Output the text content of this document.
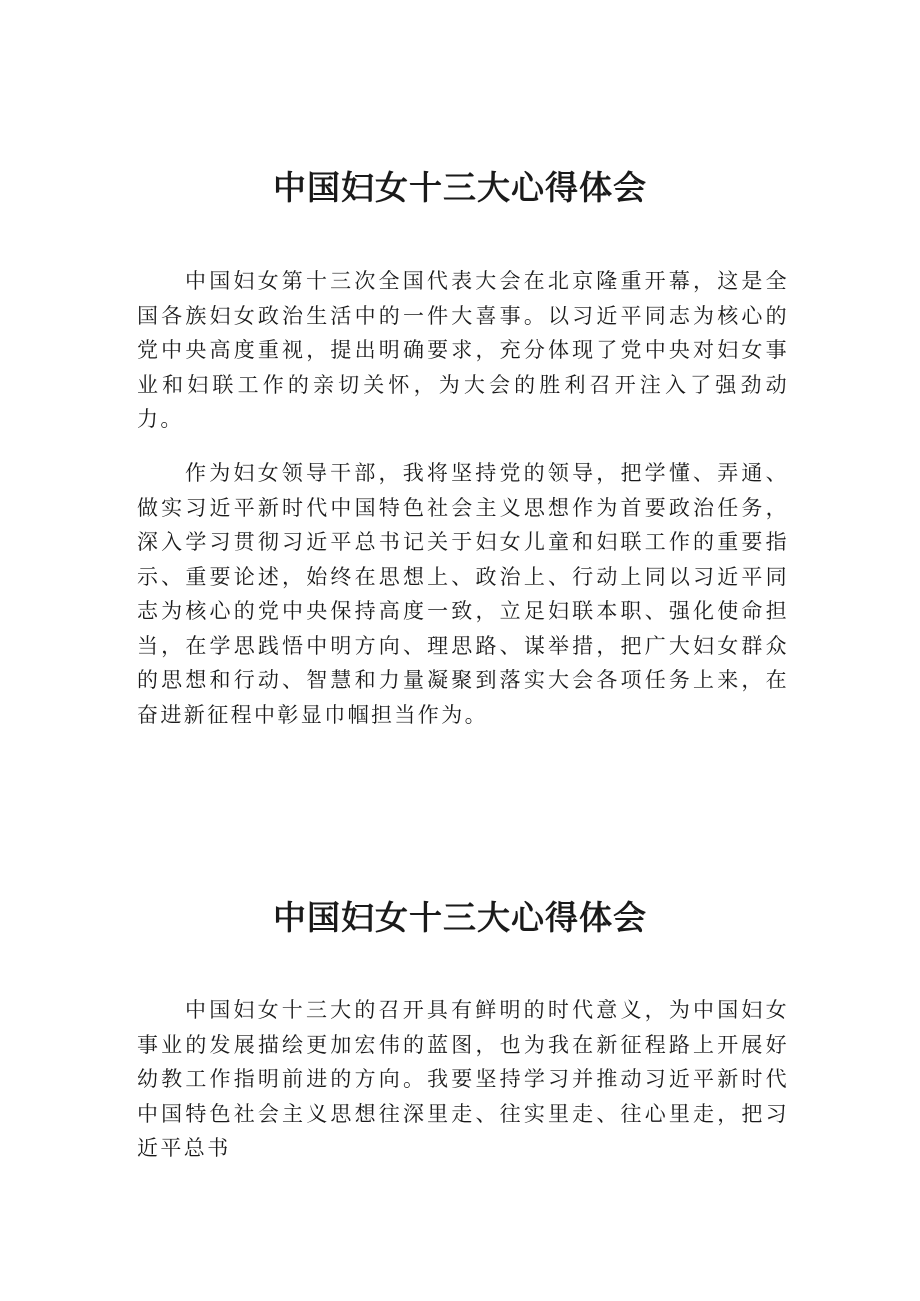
中国妇女十三大心得体会

中国妇女第十三次全国代表大会在北京隆重开幕，这是全国各族妇女政治生活中的一件大喜事。以习近平同志为核心的党中央高度重视，提出明确要求，充分体现了党中央对妇女事业和妇联工作的亲切关怀，为大会的胜利召开注入了强劲动力。

作为妇女领导干部，我将坚持党的领导，把学懂、弄通、做实习近平新时代中国特色社会主义思想作为首要政治任务，深入学习贯彻习近平总书记关于妇女儿童和妇联工作的重要指示、重要论述，始终在思想上、政治上、行动上同以习近平同志为核心的党中央保持高度一致，立足妇联本职、强化使命担当，在学思践悟中明方向、理思路、谋举措，把广大妇女群众的思想和行动、智慧和力量凝聚到落实大会各项任务上来，在奋进新征程中彰显巾帼担当作为。

中国妇女十三大心得体会

中国妇女十三大的召开具有鲜明的时代意义，为中国妇女事业的发展描绘更加宏伟的蓝图，也为我在新征程路上开展好幼教工作指明前进的方向。我要坚持学习并推动习近平新时代中国特色社会主义思想往深里走、往实里走、往心里走，把习近平总书
